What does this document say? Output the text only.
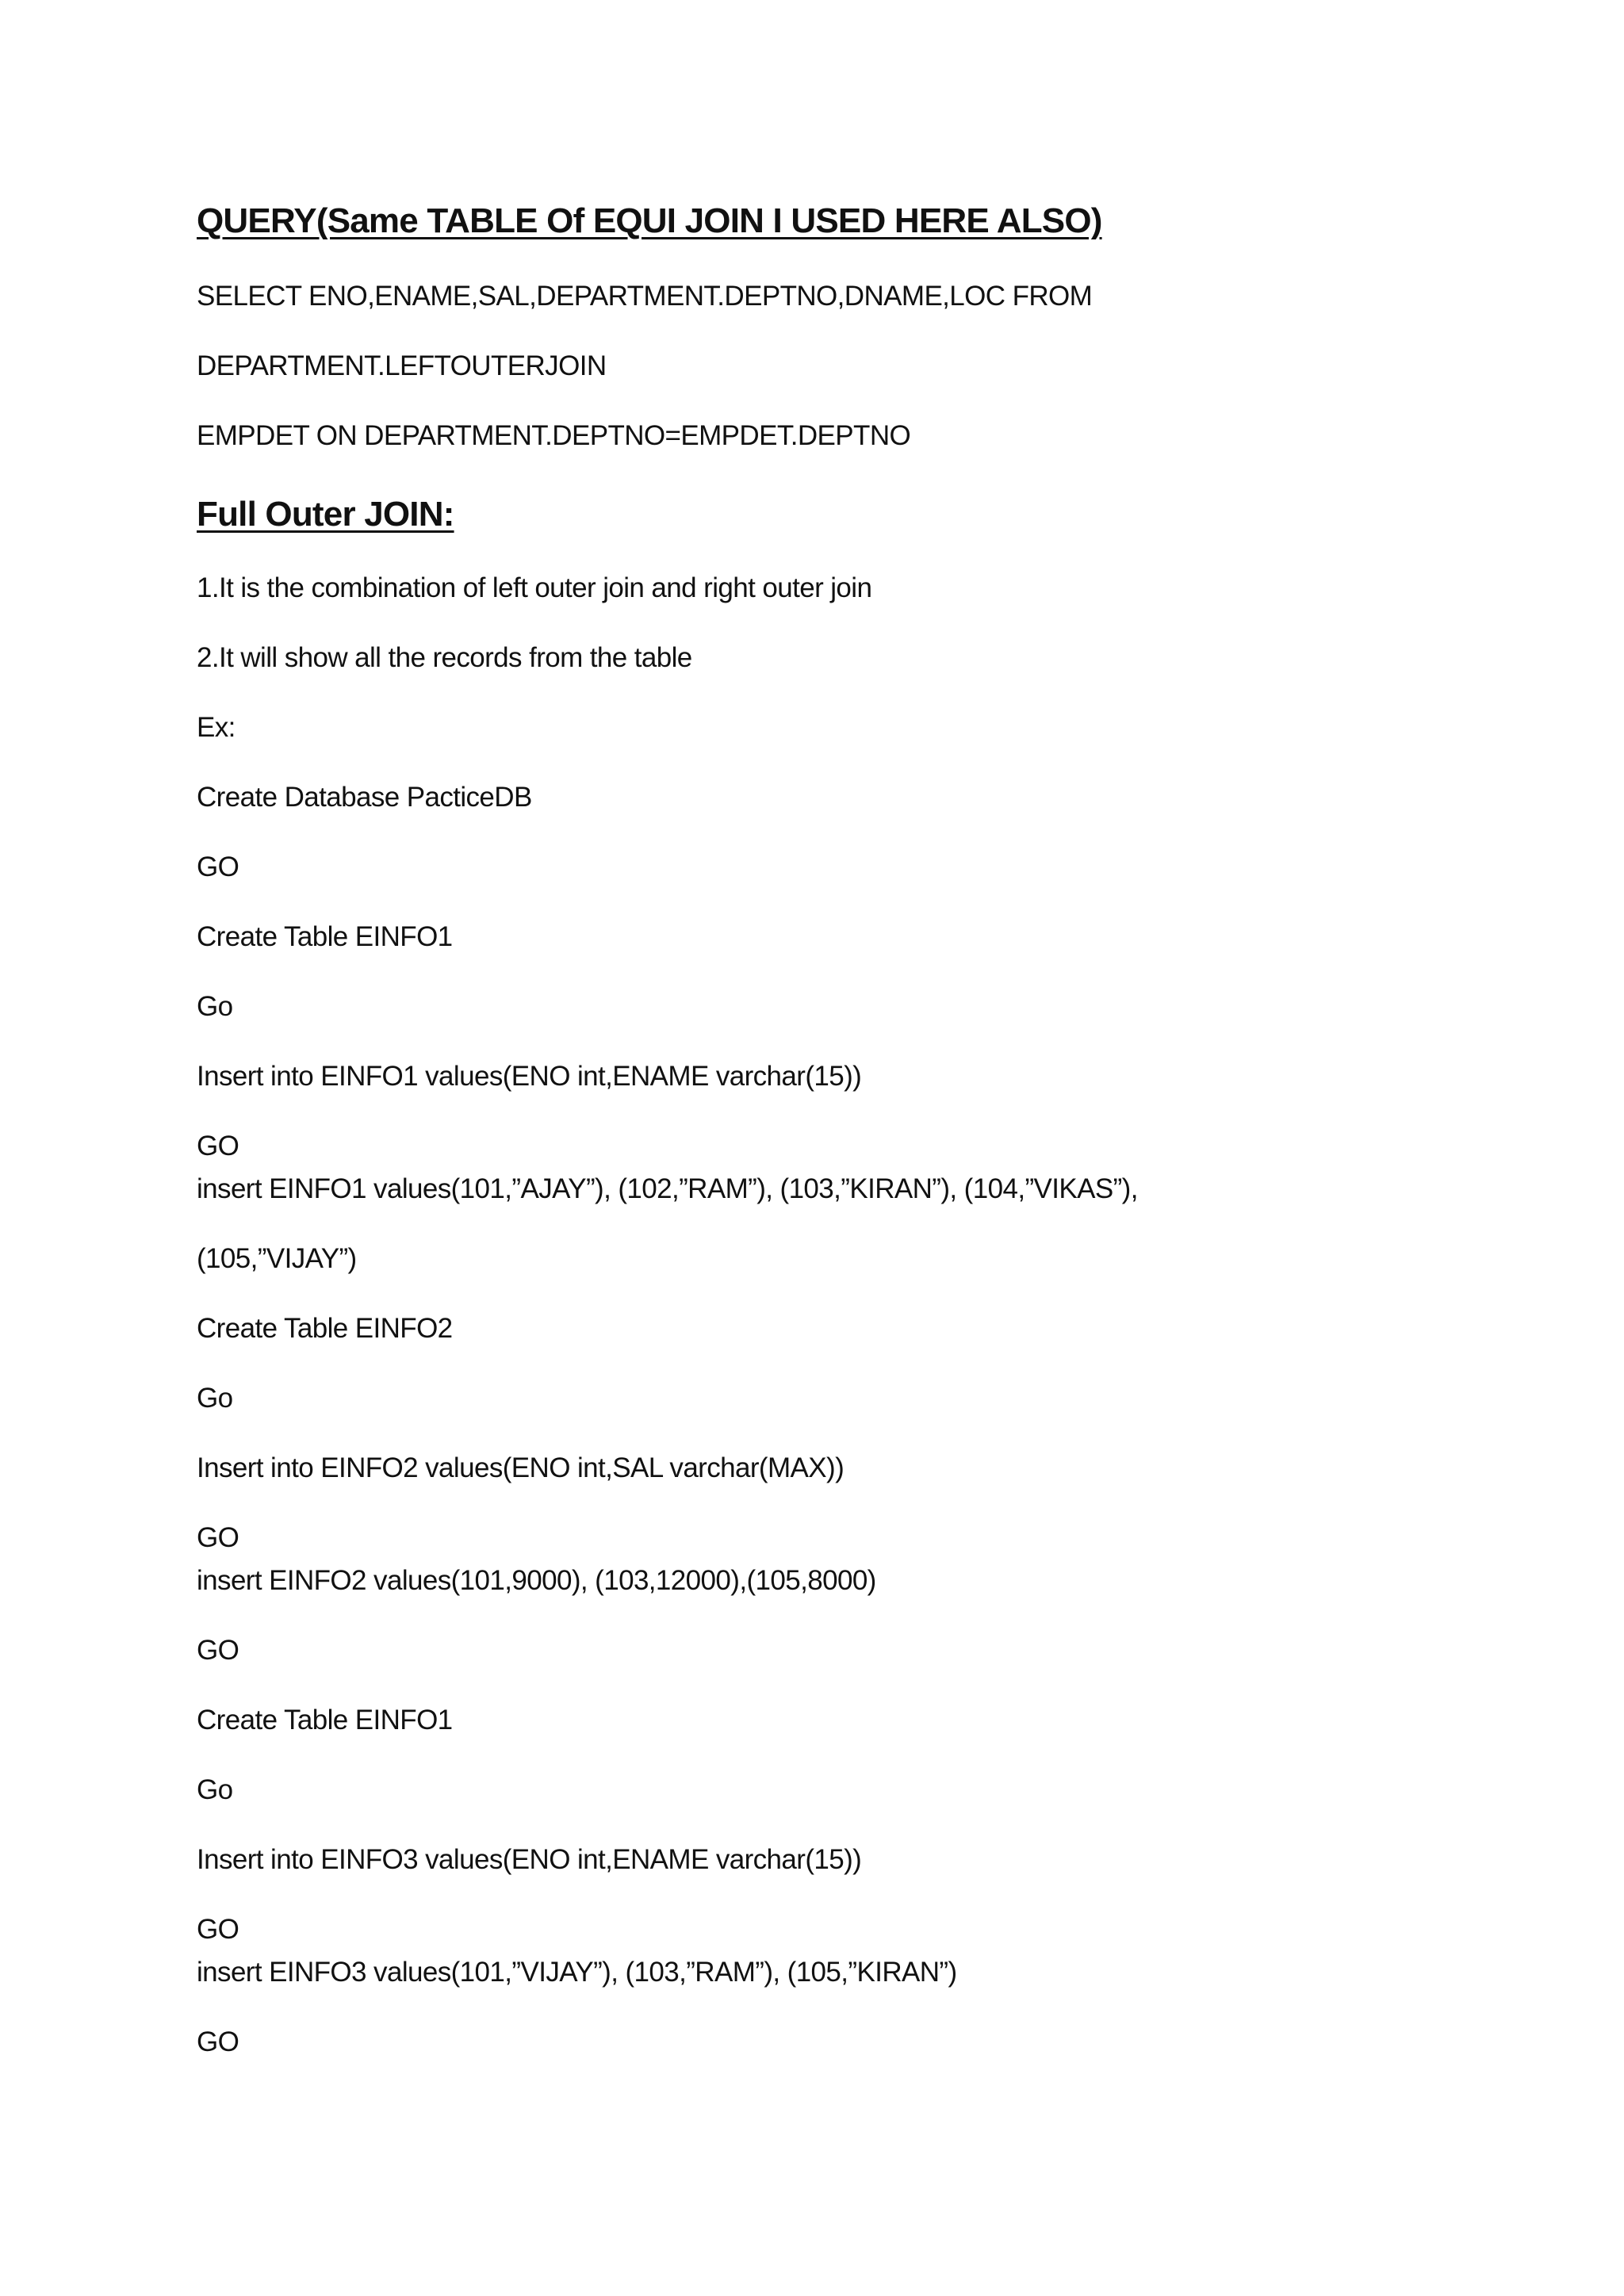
QUERY(Same TABLE Of EQUI JOIN I USED HERE ALSO)
SELECT ENO,ENAME,SAL,DEPARTMENT.DEPTNO,DNAME,LOC FROM
DEPARTMENT.LEFTOUTERJOIN
EMPDET ON DEPARTMENT.DEPTNO=EMPDET.DEPTNO
Full Outer JOIN:
1.It is the combination of left outer join and right outer join
2.It will show all the records from the table
Ex:
Create Database PacticeDB
GO
Create Table EINFO1
Go
Insert into EINFO1 values(ENO int,ENAME varchar(15))
GO
insert EINFO1 values(101,”AJAY”), (102,”RAM”), (103,”KIRAN”), (104,”VIKAS”),
(105,”VIJAY”)
Create Table EINFO2
Go
Insert into EINFO2 values(ENO int,SAL varchar(MAX))
GO
insert EINFO2 values(101,9000), (103,12000),(105,8000)
GO
Create Table EINFO1
Go
Insert into EINFO3 values(ENO int,ENAME varchar(15))
GO
insert EINFO3 values(101,”VIJAY”), (103,”RAM”), (105,”KIRAN”)
GO
